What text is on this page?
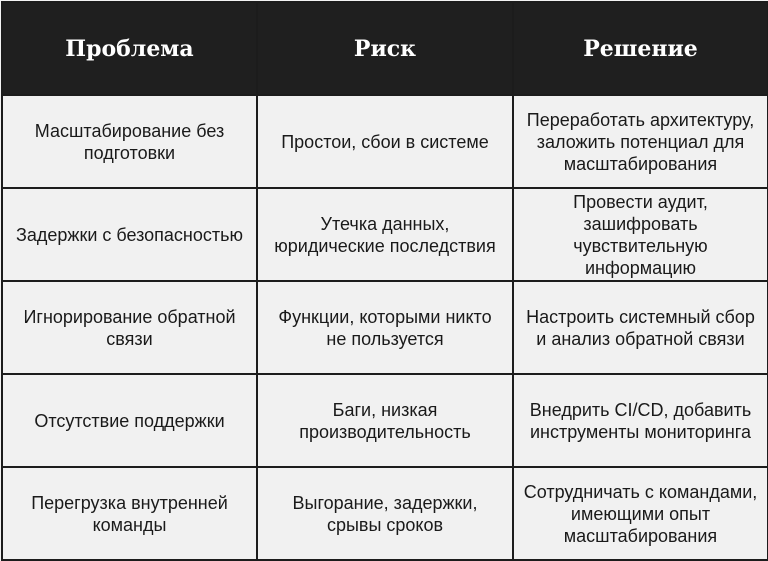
Проблема	Риск	Решение
Масштабирование без подготовки	Простои, сбои в системе	Переработать архитектуру, заложить потенциал для масштабирования
Задержки с безопасностью	Утечка данных, юридические последствия	Провести аудит, зашифровать чувствительную информацию
Игнорирование обратной связи	Функции, которыми никто не пользуется	Настроить системный сбор и анализ обратной связи
Отсутствие поддержки	Баги, низкая производительность	Внедрить CI/CD, добавить инструменты мониторинга
Перегрузка внутренней команды	Выгорание, задержки, срывы сроков	Сотрудничать с командами, имеющими опыт масштабирования
